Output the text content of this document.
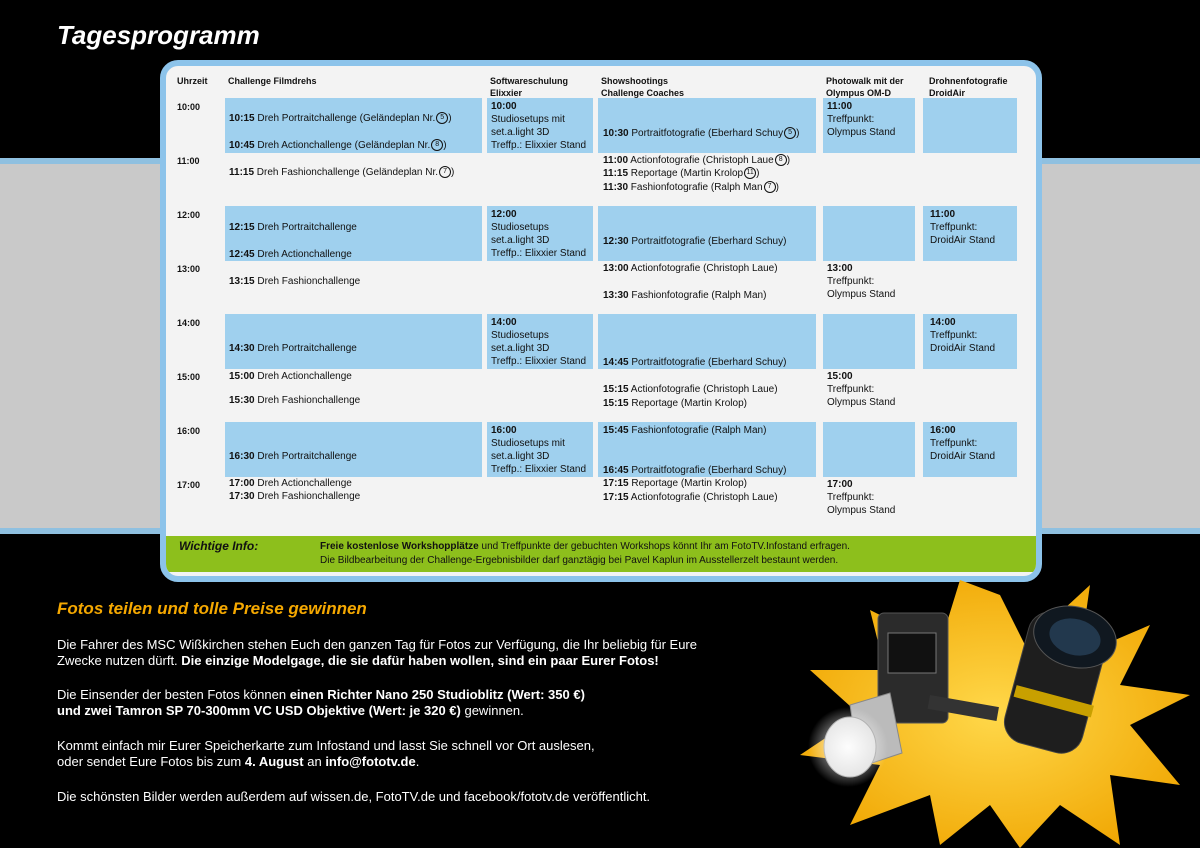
Tagesprogramm
Uhrzeit Challenge Filmdrehs	Softwareschulung
Elixxier
Showshootings
Challenge Coaches
Photowalk mit der
Olympus OM-D
Drohnenfotografie
DroidAir
10:00
11:00
12:00
13:00
14:00
15:00
16:00
17:00
10:15 Dreh Portraitchallenge (Geländeplan Nr. 5 )
10:45 Dreh Actionchallenge (Geländeplan Nr. 8 )
11:15 Dreh Fashionchallenge (Geländeplan Nr. 7 )
12:15 Dreh Portraitchallenge
12:45 Dreh Actionchallenge
13:15 Dreh Fashionchallenge
14:30 Dreh Portraitchallenge
15:00 Dreh Actionchallenge
15:30 Dreh Fashionchallenge
16:30 Dreh Portraitchallenge
17:00 Dreh Actionchallenge
17:30 Dreh Fashionchallenge
10:00
Studiosetups mit
set.a.light 3D
Treffp.: Elixxier Stand
12:00
Studiosetups
set.a.light 3D
Treffp.: Elixxier Stand
14:00
Studiosetups
set.a.light 3D
Treffp.: Elixxier Stand
16:00
Studiosetups mit
set.a.light 3D
Treffp.: Elixxier Stand
10:30 Portraitfotografie (Eberhard Schuy 5 )
11:00 Actionfotografie (Christoph Laue 8 )
11:15 Reportage (Martin Krolop 11 )
11:30 Fashionfotografie (Ralph Man 7 )
12:30 Portraitfotografie (Eberhard Schuy)
13:00 Actionfotografie (Christoph Laue)
13:30 Fashionfotografie (Ralph Man)
14:45 Portraitfotografie (Eberhard Schuy)
15:15 Actionfotografie (Christoph Laue)
15:15 Reportage (Martin Krolop)
15:45 Fashionfotografie (Ralph Man)
16:45 Portraitfotografie (Eberhard Schuy)
17:15 Reportage (Martin Krolop)
17:15 Actionfotografie (Christoph Laue)
11:00
Treffpunkt:
Olympus Stand
13:00
Treffpunkt:
Olympus Stand
15:00
Treffpunkt:
Olympus Stand
17:00
Treffpunkt:
Olympus Stand
11:00
Treffpunkt:
DroidAir Stand
14:00
Treffpunkt:
DroidAir Stand
16:00
Treffpunkt:
DroidAir Stand
Wichtige Info:	Freie kostenlose Workshopplätze und Treffpunkte der gebuchten Workshops könnt Ihr am FotoTV.Infostand erfragen.
Die Bildbearbeitung der Challenge-Ergebnisbilder darf ganztägig bei Pavel Kaplun im Ausstellerzelt bestaunt werden.
Fotos teilen und tolle Preise gewinnen
Die Fahrer des MSC Wißkirchen stehen Euch den ganzen Tag für Fotos zur Verfügung, die Ihr beliebig für Eure
Zwecke nutzen dürft. Die einzige Modelgage, die sie dafür haben wollen, sind ein paar Eurer Fotos!
Die Einsender der besten Fotos können einen Richter Nano 250 Studioblitz (Wert: 350 €)
und zwei Tamron SP 70-300mm VC USD Objektive (Wert: je 320 €) gewinnen.
Kommt einfach mir Eurer Speicherkarte zum Infostand und lasst Sie schnell vor Ort auslesen,
oder sendet Eure Fotos bis zum 4. August an info@fototv.de.
Die schönsten Bilder werden außerdem auf wissen.de, FotoTV.de und facebook/fototv.de veröffentlicht.
